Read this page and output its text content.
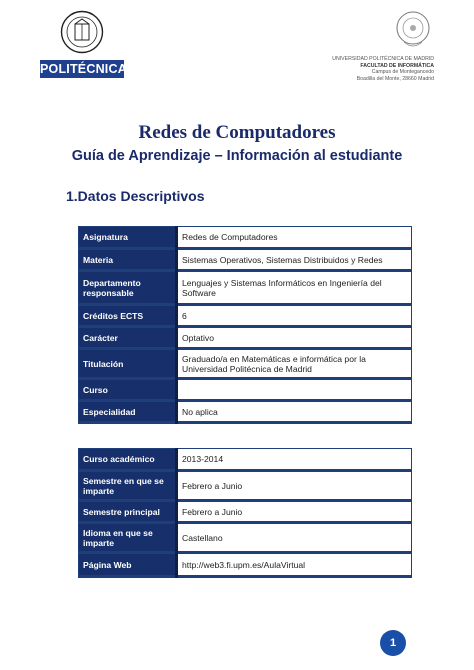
POLITÉCNICA
UNIVERSIDAD POLITÉCNICA DE MADRID
FACULTAD DE INFORMÁTICA
Campus de Montegancedo
Boadilla del Monte, 28660 Madrid
Redes de Computadores
Guía de Aprendizaje – Información al estudiante
1.Datos Descriptivos
Asignatura	Redes de Computadores
Materia	Sistemas Operativos, Sistemas Distribuidos y Redes
Departamento responsable	Lenguajes y Sistemas Informáticos en Ingeniería del Software
Créditos ECTS	6
Carácter	Optativo
Titulación	Graduado/a en Matemáticas e informática por la Universidad Politécnica de Madrid
Curso	
Especialidad	No aplica
Curso académico	2013-2014
Semestre en que se imparte	Febrero a Junio
Semestre principal	Febrero a Junio
Idioma en que se imparte	Castellano
Página Web	http://web3.fi.upm.es/AulaVirtual
1
